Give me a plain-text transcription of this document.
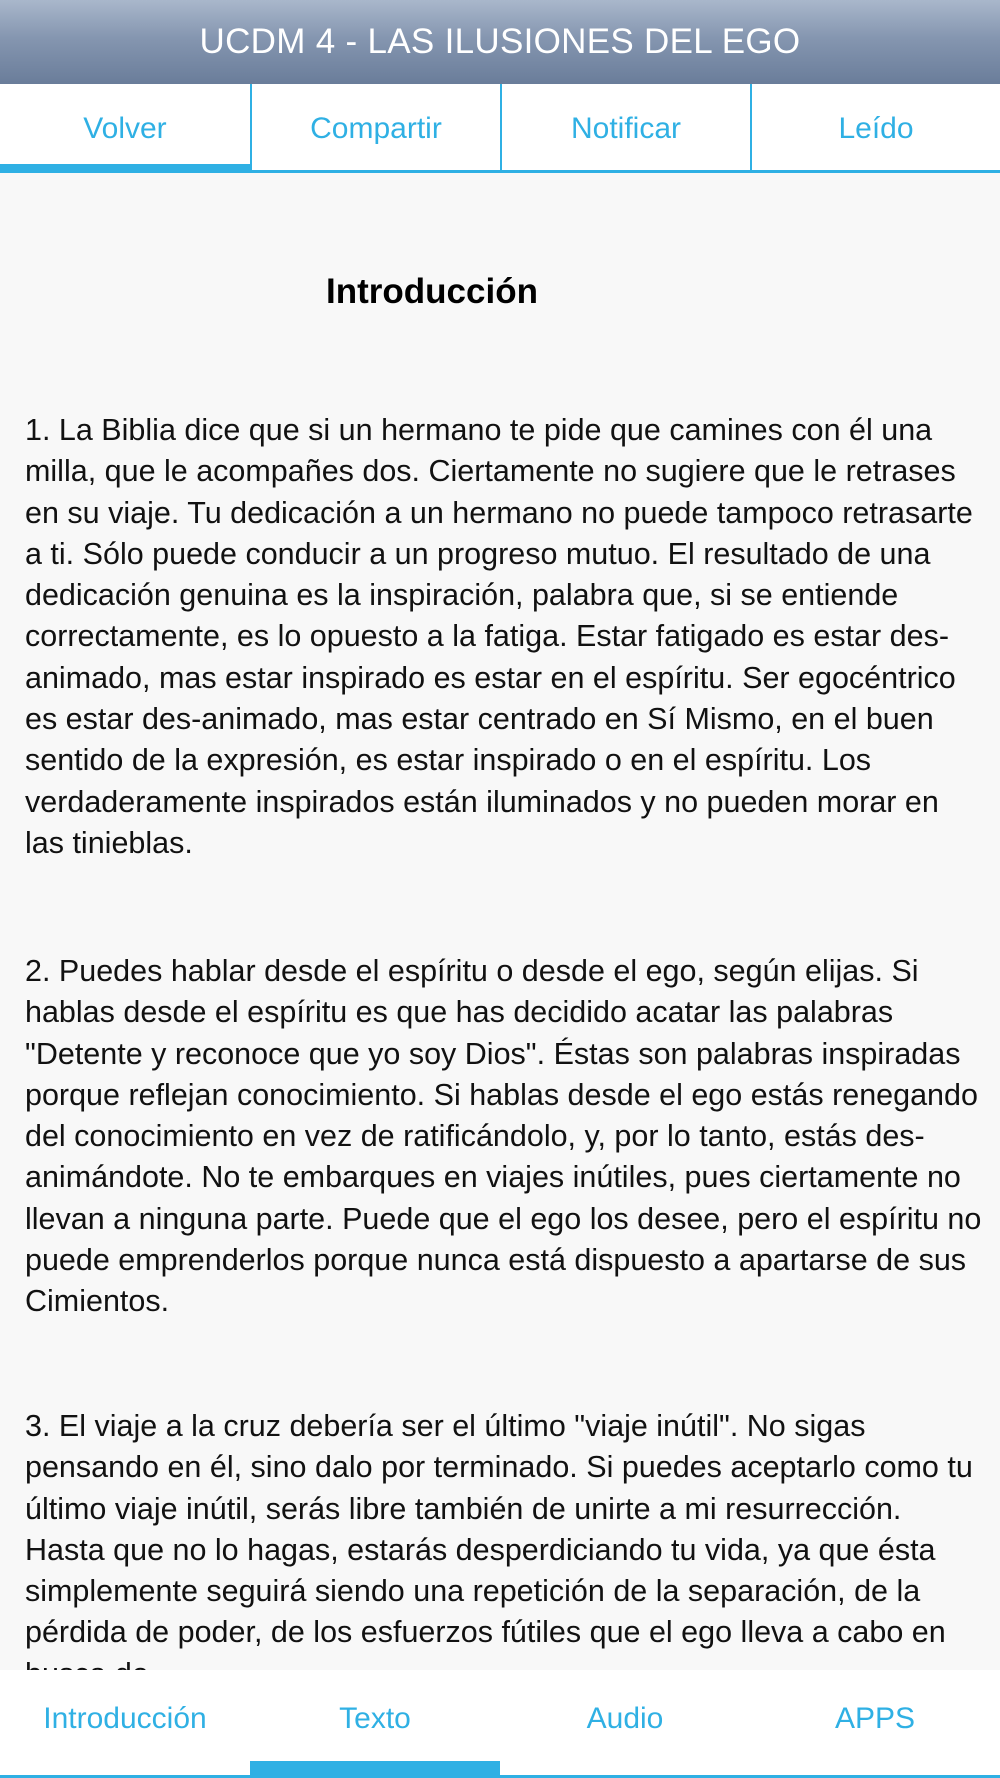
UCDM 4 - LAS ILUSIONES DEL EGO
Volver	Compartir	Notificar	Leído
Introducción

1. La Biblia dice que si un hermano te pide que camines con él una milla, que le acompañes dos. Ciertamente no sugiere que le retrases en su viaje. Tu dedicación a un hermano no puede tampoco retrasarte a ti. Sólo puede conducir a un progreso mutuo. El resultado de una dedicación genuina es la inspiración, palabra que, si se entiende correctamente, es lo opuesto a la fatiga. Estar fatigado es estar des-animado, mas estar inspirado es estar en el espíritu. Ser egocéntrico es estar des-animado, mas estar centrado en Sí Mismo, en el buen sentido de la expresión, es estar inspirado o en el espíritu. Los verdaderamente inspirados están iluminados y no pueden morar en las tinieblas.

2. Puedes hablar desde el espíritu o desde el ego, según elijas. Si hablas desde el espíritu es que has decidido acatar las palabras "Detente y reconoce que yo soy Dios". Éstas son palabras inspiradas porque reflejan conocimiento. Si hablas desde el ego estás renegando del conocimiento en vez de ratificándolo, y, por lo tanto, estás des-animándote. No te embarques en viajes inútiles, pues ciertamente no llevan a ninguna parte. Puede que el ego los desee, pero el espíritu no puede emprenderlos porque nunca está dispuesto a apartarse de sus Cimientos.

3. El viaje a la cruz debería ser el último "viaje inútil". No sigas pensando en él, sino dalo por terminado. Si puedes aceptarlo como tu último viaje inútil, serás libre también de unirte a mi resurrección. Hasta que no lo hagas, estarás desperdiciando tu vida, ya que ésta simplemente seguirá siendo una repetición de la separación, de la pérdida de poder, de los esfuerzos fútiles que el ego lleva a cabo en

Introducción	Texto	Audio	APPS
